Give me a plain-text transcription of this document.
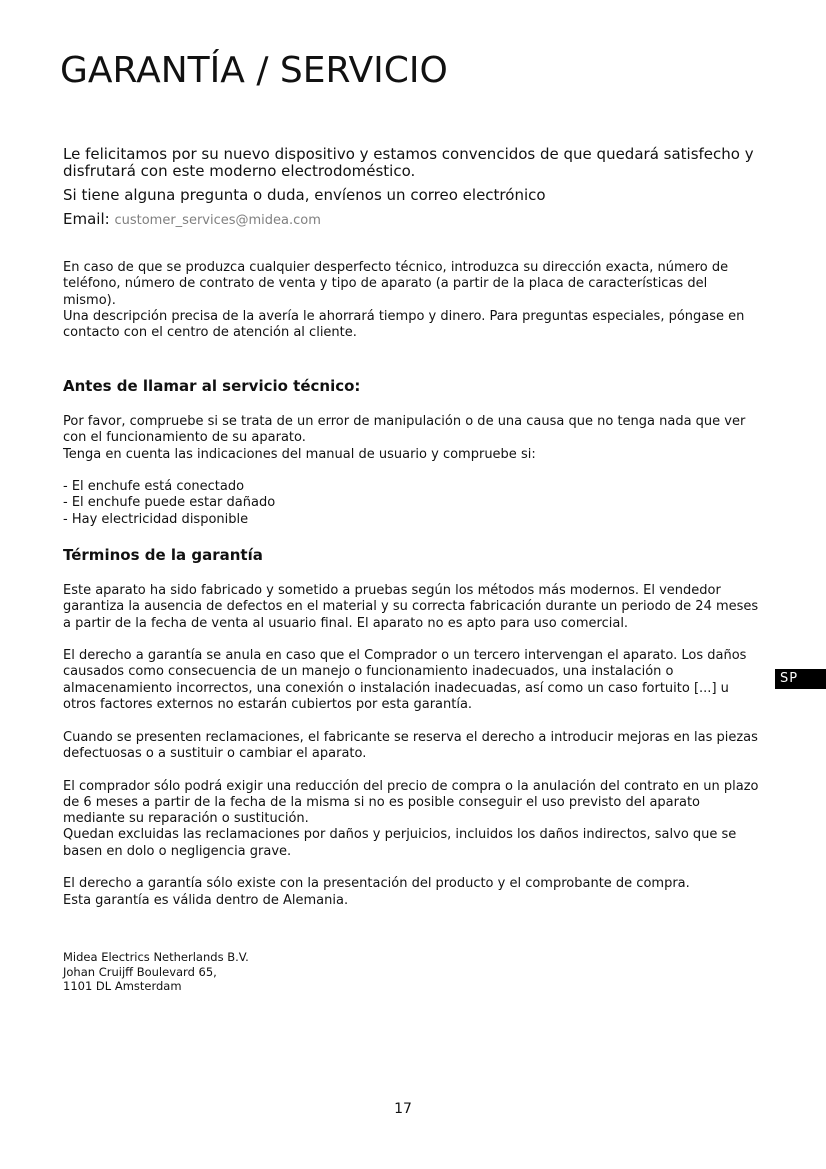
GARANTÍA / SERVICIO

Le felicitamos por su nuevo dispositivo y estamos convencidos de que quedará satisfecho y disfrutará con este moderno electrodoméstico.

Si tiene alguna pregunta o duda, envíenos un correo electrónico

Email: customer_services@midea.com

En caso de que se produzca cualquier desperfecto técnico, introduzca su dirección exacta, número de teléfono, número de contrato de venta y tipo de aparato (a partir de la placa de características del mismo).

Una descripción precisa de la avería le ahorrará tiempo y dinero. Para preguntas especiales, póngase en contacto con el centro de atención al cliente.

Antes de llamar al servicio técnico:

Por favor, compruebe si se trata de un error de manipulación o de una causa que no tenga nada que ver con el funcionamiento de su aparato.

Tenga en cuenta las indicaciones del manual de usuario y compruebe si:

- El enchufe está conectado

- El enchufe puede estar dañado

- Hay electricidad disponible

Términos de la garantía

Este aparato ha sido fabricado y sometido a pruebas según los métodos más modernos. El vendedor garantiza la ausencia de defectos en el material y su correcta fabricación durante un periodo de 24 meses a partir de la fecha de venta al usuario final. El aparato no es apto para uso comercial.

El derecho a garantía se anula en caso que el Comprador o un tercero intervengan el aparato. Los daños causados como consecuencia de un manejo o funcionamiento inadecuados, una instalación o almacenamiento incorrectos, una conexión o instalación inadecuadas, así como un caso fortuito [...] u otros factores externos no estarán cubiertos por esta garantía.

Cuando se presenten reclamaciones, el fabricante se reserva el derecho a introducir mejoras en las piezas defectuosas o a sustituir o cambiar el aparato.

El comprador sólo podrá exigir una reducción del precio de compra o la anulación del contrato en un plazo de 6 meses a partir de la fecha de la misma si no es posible conseguir el uso previsto del aparato mediante su reparación o sustitución.

Quedan excluidas las reclamaciones por daños y perjuicios, incluidos los daños indirectos, salvo que se basen en dolo o negligencia grave.

El derecho a garantía sólo existe con la presentación del producto y el comprobante de compra.

Esta garantía es válida dentro de Alemania.

Midea Electrics Netherlands B.V.
Johan Cruijff Boulevard 65,
1101 DL Amsterdam
SP
17
